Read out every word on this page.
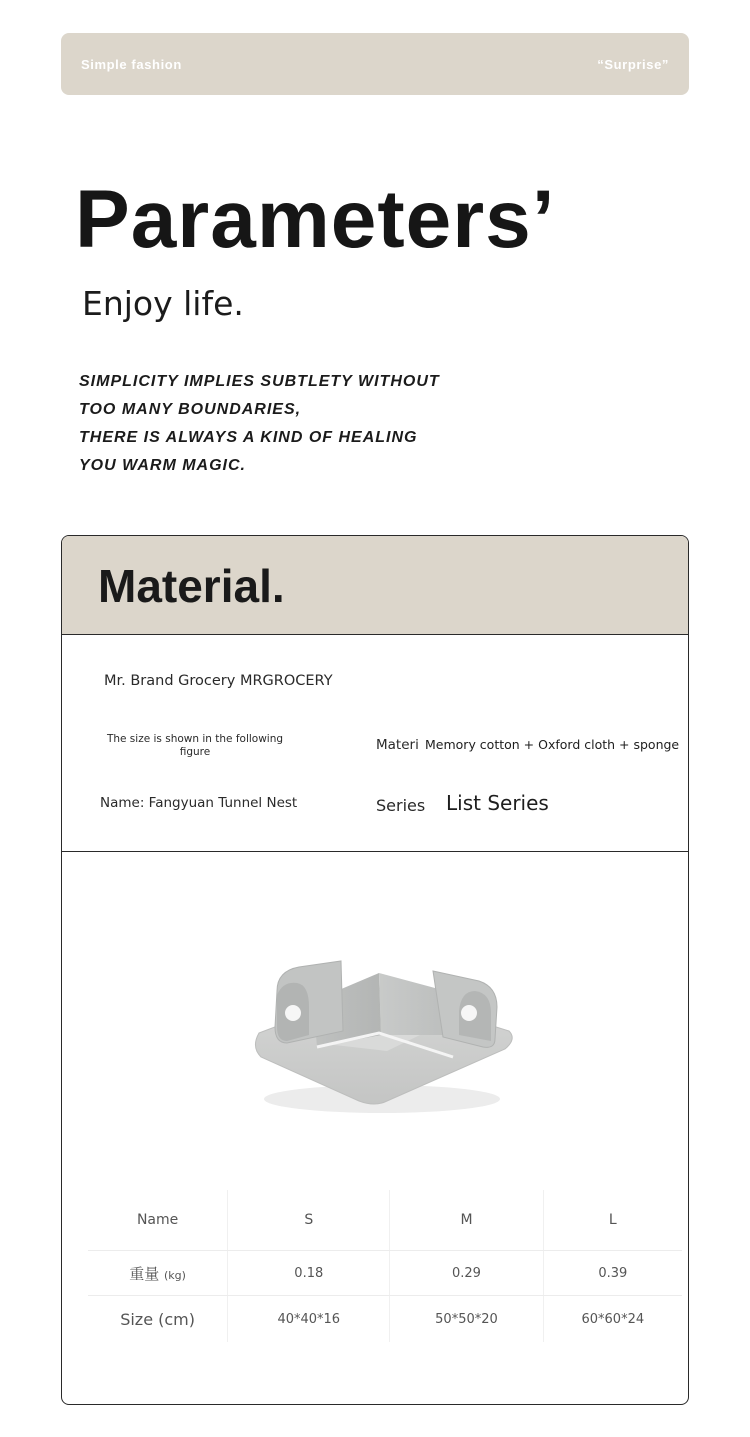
Simple fashion	“Surprise”
Parameters’
Enjoy life.
SIMPLICITY IMPLIES SUBTLETY WITHOUT
TOO MANY BOUNDARIES,
THERE IS ALWAYS A KIND OF HEALING
YOU WARM MAGIC.
Material.
Mr. Brand Grocery MRGROCERY
The size is shown in the following figure	Materi Memory cotton + Oxford cloth + sponge
Name: Fangyuan Tunnel Nest	Series List Series
Name	S	M	L
重量 (kg)	0.18	0.29	0.39
Size (cm)	40*40*16	50*50*20	60*60*24
